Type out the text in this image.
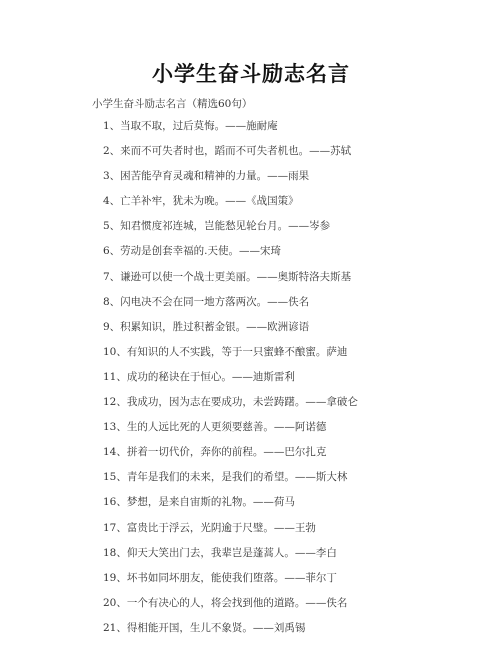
小学生奋斗励志名言
小学生奋斗励志名言（精选60句）
1、当取不取，过后莫悔。——施耐庵
2、来而不可失者时也，蹈而不可失者机也。——苏轼
3、困苦能孕育灵魂和精神的力量。——雨果
4、亡羊补牢，犹未为晚。——《战国策》
5、知君惯度祁连城，岂能愁见轮台月。——岑参
6、劳动是创套幸福的.天使。——宋琦
7、谦逊可以使一个战士更美丽。——奥斯特洛夫斯基
8、闪电决不会在同一地方落两次。——佚名
9、积累知识，胜过积蓄金银。——欧洲谚语
10、有知识的人不实践，等于一只蜜蜂不酿蜜。萨迪
11、成功的秘诀在于恒心。——迪斯雷利
12、我成功，因为志在要成功，未尝踌躇。——拿破仑
13、生的人远比死的人更须要慈善。——阿诺德
14、拼着一切代价，奔你的前程。——巴尔扎克
15、青年是我们的未来，是我们的希望。——斯大林
16、梦想，是来自宙斯的礼物。——荷马
17、富贵比于浮云，光阴逾于尺璧。——王勃
18、仰天大笑出门去，我辈岂是蓬蒿人。——李白
19、坏书如同坏朋友，能使我们堕落。——菲尔丁
20、一个有决心的人，将会找到他的道路。——佚名
21、得相能开国，生儿不象贤。——刘禹锡
